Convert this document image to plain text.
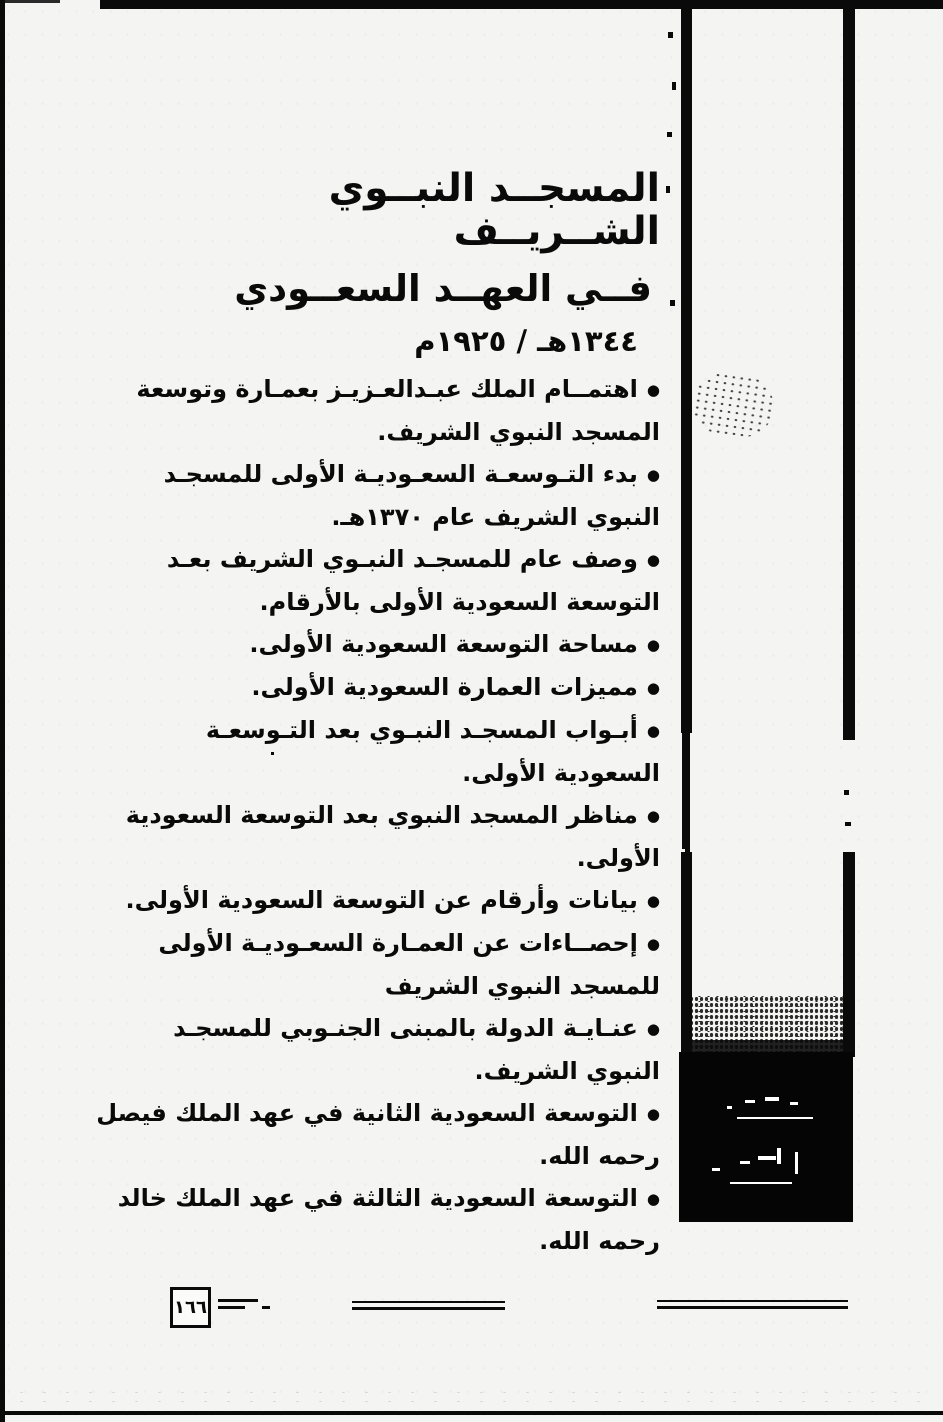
المسجــد النبــوي الشــريــف
فــي العهــد السعــودي
١٣٤٤هـ / ١٩٢٥م
●اهتمــام الملك عبـدالعـزيـز بعمـارة وتوسعة
المسجد النبوي الشريف.
●بدء التـوسعـة السعـوديـة الأولى للمسجـد
النبوي الشريف عام ١٣٧٠هـ.
●وصف عام للمسجـد النبـوي الشريف بعـد
التوسعة السعودية الأولى بالأرقام.
●مساحة التوسعة السعودية الأولى.
●مميزات العمارة السعودية الأولى.
●أبـواب المسجـد النبـوي بعد التـوسعـة
السعودية الأولى.
●مناظر المسجد النبوي بعد التوسعة السعودية
الأولى.
●بيانات وأرقام عن التوسعة السعودية الأولى.
●إحصــاءات عن العمـارة السعـوديـة الأولى
للمسجد النبوي الشريف
●عنـايـة الدولة بالمبنى الجنـوبي للمسجـد
النبوي الشريف.
●التوسعة السعودية الثانية في عهد الملك فيصل
رحمه الله.
●التوسعة السعودية الثالثة في عهد الملك خالد
رحمه الله.
١٦٦
